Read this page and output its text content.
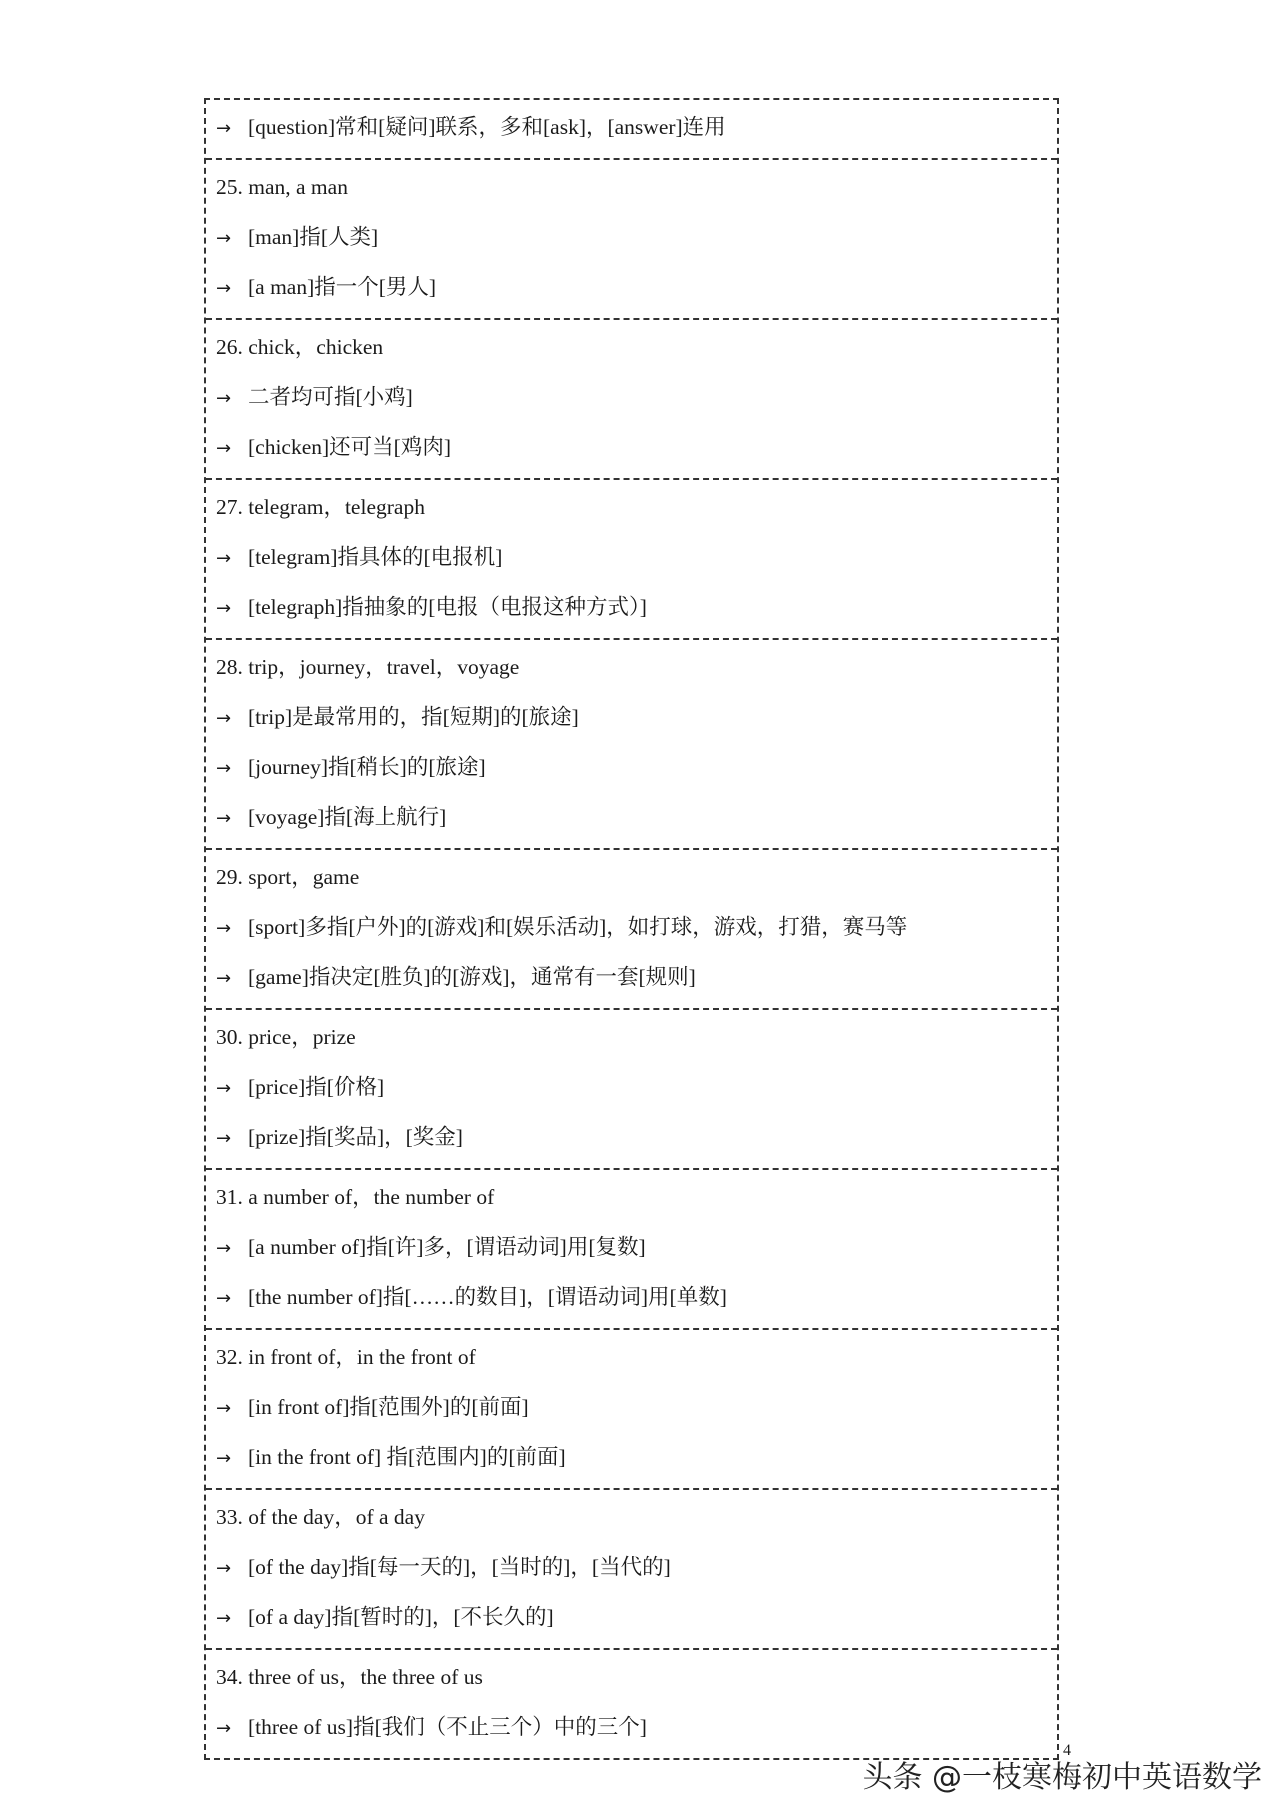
→ [question]常和[疑问]联系，多和[ask]，[answer]连用
25. man, a man
→ [man]指[人类]
→ [a man]指一个[男人]
26. chick，chicken
→ 二者均可指[小鸡]
→ [chicken]还可当[鸡肉]
27. telegram，telegraph
→ [telegram]指具体的[电报机]
→ [telegraph]指抽象的[电报（电报这种方式）]
28. trip，journey，travel，voyage
→ [trip]是最常用的，指[短期]的[旅途]
→ [journey]指[稍长]的[旅途]
→ [voyage]指[海上航行]
29. sport，game
→ [sport]多指[户外]的[游戏]和[娱乐活动]，如打球，游戏，打猎，赛马等
→ [game]指决定[胜负]的[游戏]，通常有一套[规则]
30. price，prize
→ [price]指[价格]
→ [prize]指[奖品]，[奖金]
31. a number of，the number of
→ [a number of]指[许]多，[谓语动词]用[复数]
→ [the number of]指[……的数目]，[谓语动词]用[单数]
32. in front of，in the front of
→ [in front of]指[范围外]的[前面]
→ [in the front of] 指[范围内]的[前面]
33. of the day，of a day
→ [of the day]指[每一天的]，[当时的]，[当代的]
→ [of a day]指[暂时的]，[不长久的]
34. three of us，the three of us
→ [three of us]指[我们（不止三个）中的三个]
4
头条 @一枝寒梅初中英语数学
